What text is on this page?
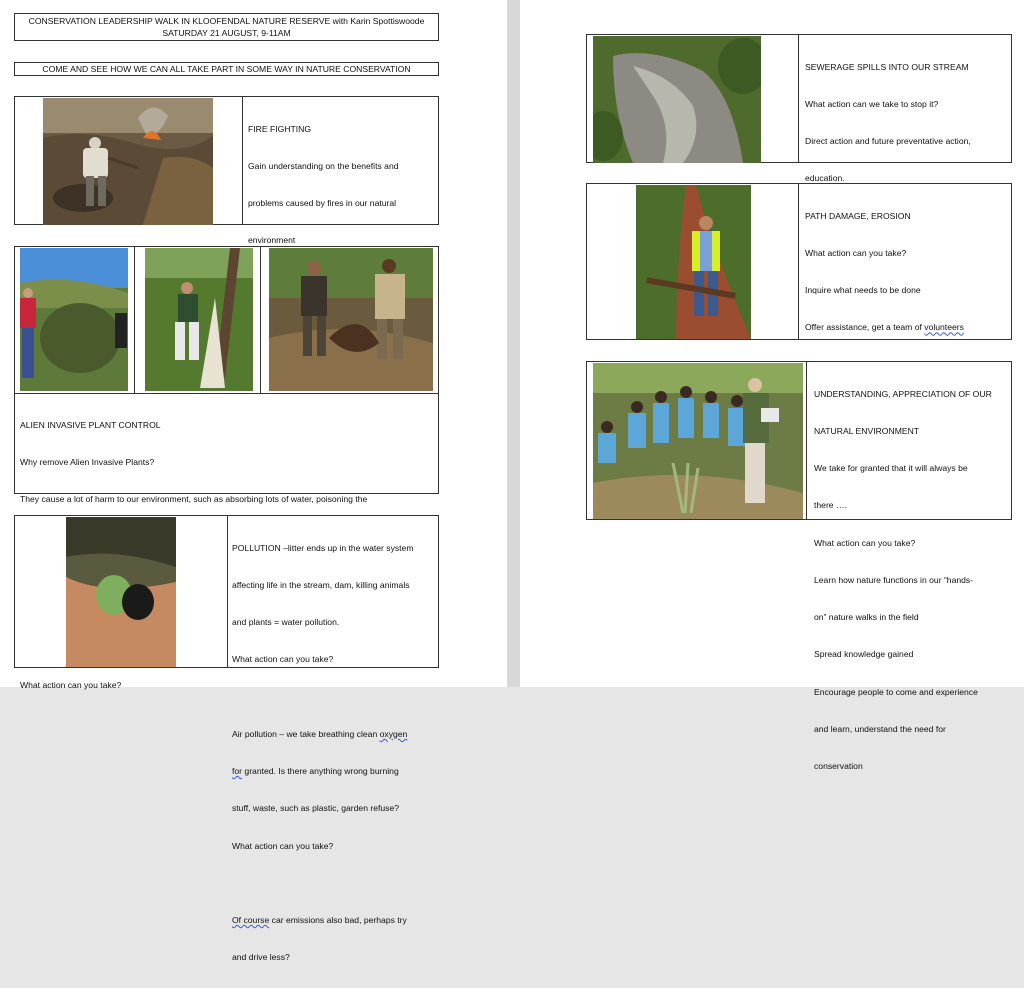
CONSERVATION LEADERSHIP WALK IN KLOOFENDAL NATURE RESERVE with Karin Spottiswoode
SATURDAY 21 AUGUST, 9-11AM
COME AND SEE HOW WE CAN ALL TAKE PART IN SOME WAY IN NATURE CONSERVATION

FIRE FIGHTING

Gain understanding on the benefits and

problems caused by fires in our natural

environment

ALIEN INVASIVE PLANT CONTROL

Why remove Alien Invasive Plants?

They cause a lot of harm to our environment, such as absorbing lots of water, poisoning the

What action can you take?

POLLUTION –litter ends up in the water system

affecting life in the stream, dam, killing animals

and plants = water pollution.

What action can you take?

Air pollution – we take breathing clean oxygen

for granted. Is there anything wrong burning

stuff, waste, such as plastic, garden refuse?

What action can you take?

Of course car emissions also bad, perhaps try

and drive less?

SEWERAGE SPILLS INTO OUR STREAM

What action can we take to stop it?

Direct action and future preventative action,

education.

PATH DAMAGE, EROSION

What action can you take?

Inquire what needs to be done

Offer assistance, get a team of volunteers

UNDERSTANDING, APPRECIATION OF OUR

NATURAL ENVIRONMENT

We take for granted that it will always be

there ….

What action can you take?

Learn how nature functions in our “hands-

on” nature walks in the field

Spread knowledge gained

Encourage people to come and experience

and learn, understand the need for

conservation
